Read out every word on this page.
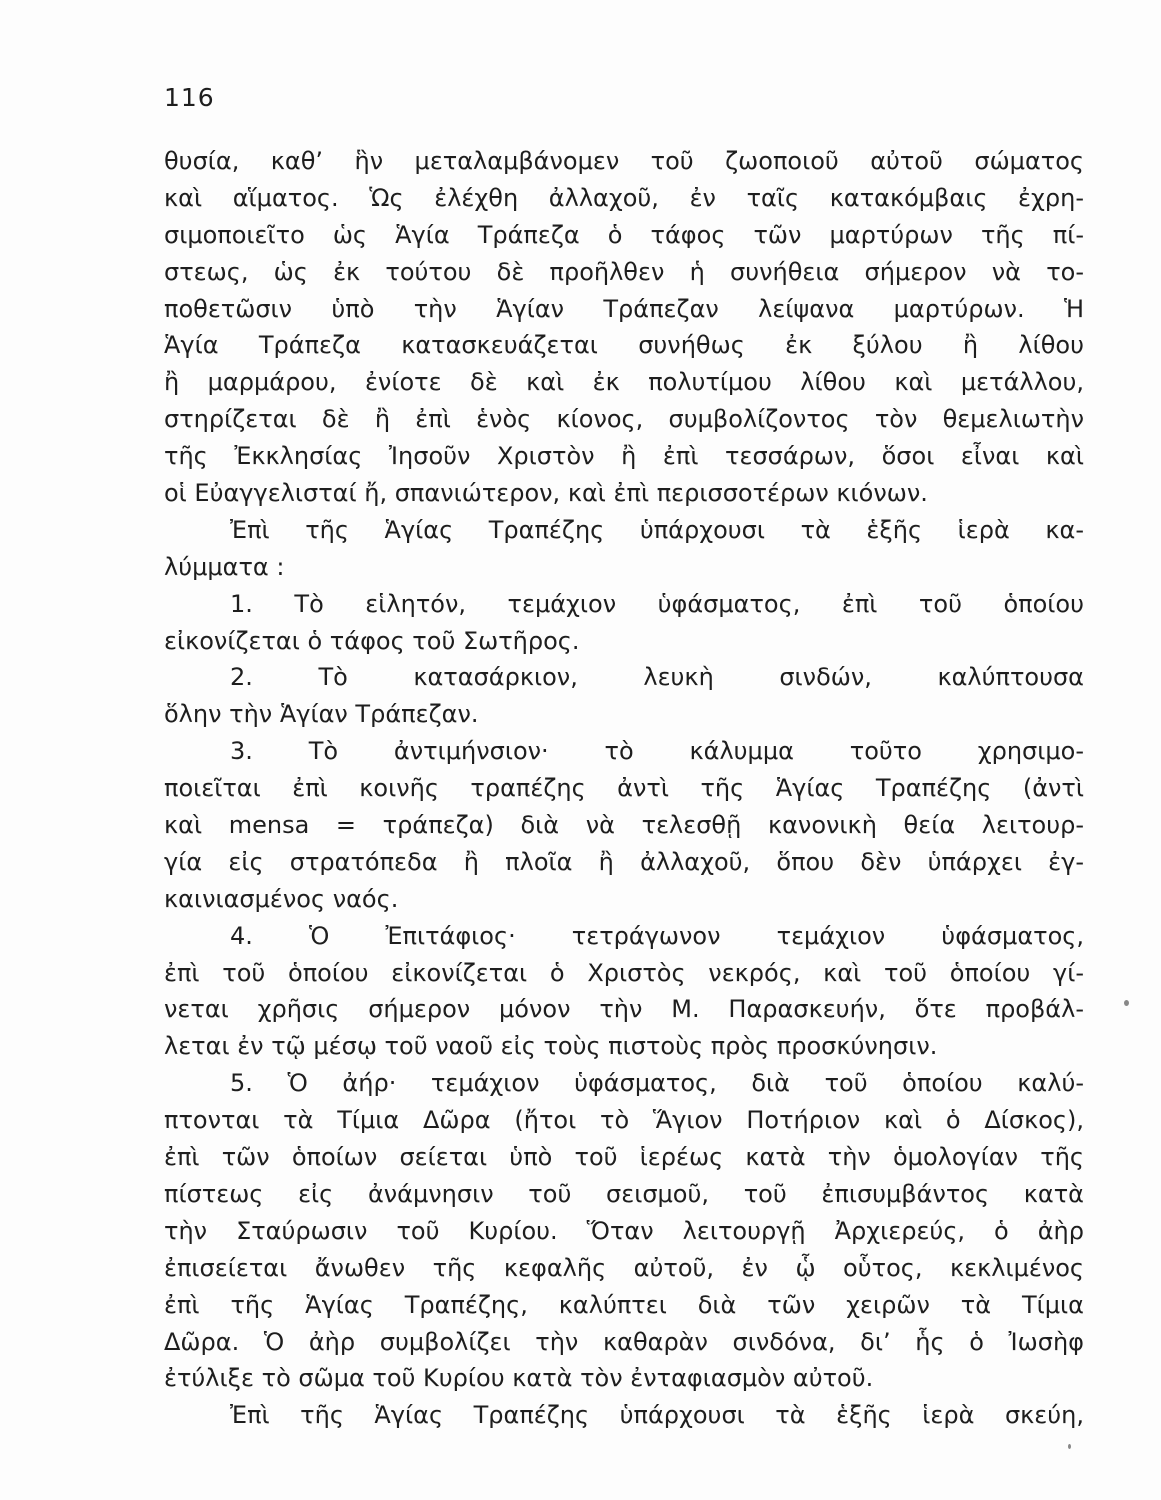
116
θυσία, καθ’ ἣν μεταλαμβάνομεν τοῦ ζωοποιοῦ αὐτοῦ σώματος
καὶ αἵματος. Ὡς ἐλέχθη ἀλλαχοῦ, ἐν ταῖς κατακόμβαις ἐχρη-
σιμοποιεῖτο ὡς Ἁγία Τράπεζα ὁ τάφος τῶν μαρτύρων τῆς πί-
στεως, ὡς ἐκ τούτου δὲ προῆλθεν ἡ συνήθεια σήμερον νὰ το-
ποθετῶσιν ὑπὸ τὴν Ἁγίαν Τράπεζαν λείψανα μαρτύρων. Ἡ
Ἁγία Τράπεζα κατασκευάζεται συνήθως ἐκ ξύλου ἢ λίθου
ἢ μαρμάρου, ἐνίοτε δὲ καὶ ἐκ πολυτίμου λίθου καὶ μετάλλου,
στηρίζεται δὲ ἢ ἐπὶ ἑνὸς κίονος, συμβολίζοντος τὸν θεμελιωτὴν
τῆς Ἐκκλησίας Ἰησοῦν Χριστὸν ἢ ἐπὶ τεσσάρων, ὅσοι εἶναι καὶ
οἱ Εὐαγγελισταί ἤ, σπανιώτερον, καὶ ἐπὶ περισσοτέρων κιόνων.
Ἐπὶ τῆς Ἁγίας Τραπέζης ὑπάρχουσι τὰ ἑξῆς ἱερὰ κα-
λύμματα :
1. Τὸ εἱλητόν, τεμάχιον ὑφάσματος, ἐπὶ τοῦ ὁποίου
εἰκονίζεται ὁ τάφος τοῦ Σωτῆρος.
2. Τὸ κατασάρκιον, λευκὴ σινδών, καλύπτουσα
ὅλην τὴν Ἁγίαν Τράπεζαν.
3. Τὸ ἀντιμήνσιον· τὸ κάλυμμα τοῦτο χρησιμο-
ποιεῖται ἐπὶ κοινῆς τραπέζης ἀντὶ τῆς Ἁγίας Τραπέζης (ἀντὶ
καὶ mensa = τράπεζα) διὰ νὰ τελεσθῇ κανονικὴ θεία λειτουρ-
γία εἰς στρατόπεδα ἢ πλοῖα ἢ ἀλλαχοῦ, ὅπου δὲν ὑπάρχει ἐγ-
καινιασμένος ναός.
4. Ὁ Ἐπιτάφιος· τετράγωνον τεμάχιον ὑφάσματος,
ἐπὶ τοῦ ὁποίου εἰκονίζεται ὁ Χριστὸς νεκρός, καὶ τοῦ ὁποίου γί-
νεται χρῆσις σήμερον μόνον τὴν Μ. Παρασκευήν, ὅτε προβάλ-
λεται ἐν τῷ μέσῳ τοῦ ναοῦ εἰς τοὺς πιστοὺς πρὸς προσκύνησιν.
5. Ὁ ἀήρ· τεμάχιον ὑφάσματος, διὰ τοῦ ὁποίου καλύ-
πτονται τὰ Τίμια Δῶρα (ἤτοι τὸ Ἅγιον Ποτήριον καὶ ὁ Δίσκος),
ἐπὶ τῶν ὁποίων σείεται ὑπὸ τοῦ ἱερέως κατὰ τὴν ὁμολογίαν τῆς
πίστεως εἰς ἀνάμνησιν τοῦ σεισμοῦ, τοῦ ἐπισυμβάντος κατὰ
τὴν Σταύρωσιν τοῦ Κυρίου. Ὅταν λειτουργῇ Ἀρχιερεύς, ὁ ἀὴρ
ἐπισείεται ἄνωθεν τῆς κεφαλῆς αὐτοῦ, ἐν ᾧ οὗτος, κεκλιμένος
ἐπὶ τῆς Ἁγίας Τραπέζης, καλύπτει διὰ τῶν χειρῶν τὰ Τίμια
Δῶρα. Ὁ ἀὴρ συμβολίζει τὴν καθαρὰν σινδόνα, δι’ ἧς ὁ Ἰωσὴφ
ἐτύλιξε τὸ σῶμα τοῦ Κυρίου κατὰ τὸν ἐνταφιασμὸν αὐτοῦ.
Ἐπὶ τῆς Ἁγίας Τραπέζης ὑπάρχουσι τὰ ἑξῆς ἱερὰ σκεύη,
